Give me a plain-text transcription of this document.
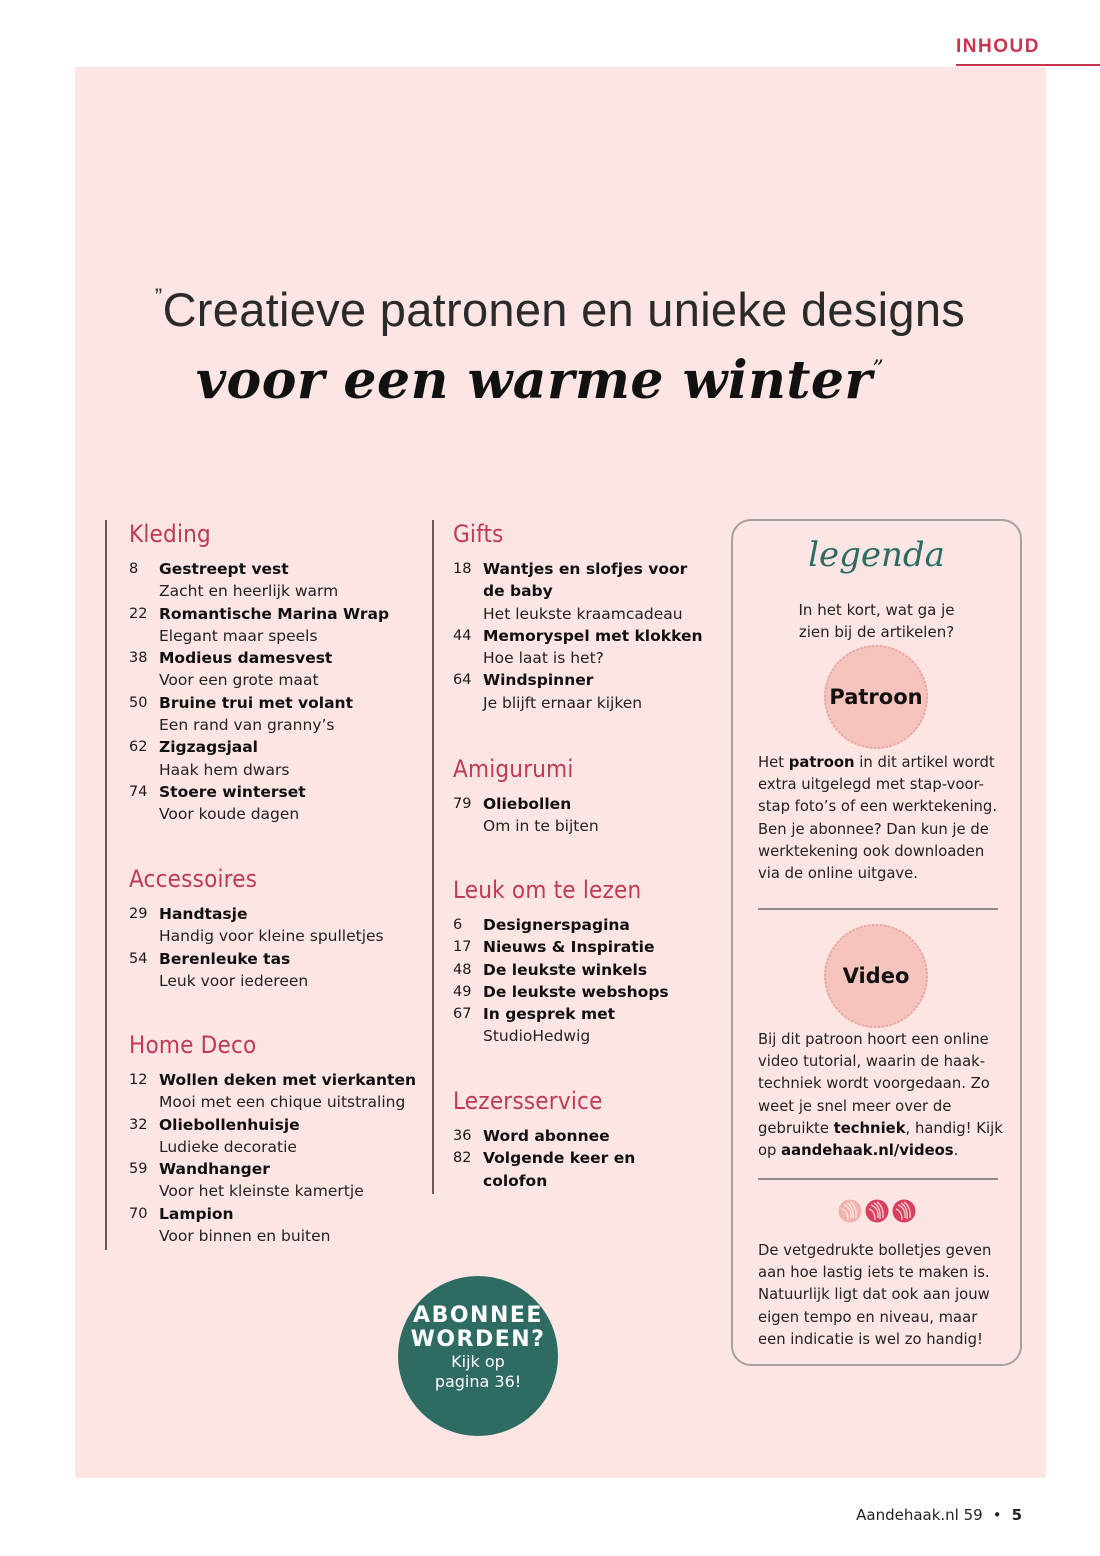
INHOUD
”Creatieve patronen en unieke designs
voor een warme winter”
Kleding
8	Gestreept vest
Zacht en heerlijk warm
22 Romantische Marina Wrap
Elegant maar speels
38 Modieus damesvest
Voor een grote maat
50 Bruine trui met volant
Een rand van granny’s
62 Zigzagsjaal
Haak hem dwars
74 Stoere winterset
Voor koude dagen
Accessoires
29 Handtasje
Handig voor kleine spulletjes
54 Berenleuke tas
Leuk voor iedereen
Home Deco
12 Wollen deken met vierkanten
Mooi met een chique uitstraling
32 Oliebollenhuisje
Ludieke decoratie
59 Wandhanger
Voor het kleinste kamertje
70 Lampion
Voor binnen en buiten
Gifts
18 Wantjes en slofjes voor de baby
Het leukste kraamcadeau
44 Memoryspel met klokken
Hoe laat is het?
64 Windspinner
Je blijft ernaar kijken
Amigurumi
79 Oliebollen
Om in te bijten
Leuk om te lezen
6	Designerspagina
17 Nieuws & Inspiratie
48 De leukste winkels
49 De leukste webshops
67 In gesprek met
StudioHedwig
Lezersservice
36 Word abonnee
82 Volgende keer en colofon
legenda
In het kort, wat ga je zien bij de artikelen?
Patroon
Het patroon in dit artikel wordt extra uitgelegd met stap-voor-stap foto’s of een werktekening. Ben je abonnee? Dan kun je de werktekening ook downloaden via de online uitgave.
Video
Bij dit patroon hoort een online video tutorial, waarin de haak-techniek wordt voorgedaan. Zo weet je snel meer over de gebruikte techniek, handig! Kijk op aandehaak.nl/videos.
De vetgedrukte bolletjes geven aan hoe lastig iets te maken is. Natuurlijk ligt dat ook aan jouw eigen tempo en niveau, maar een indicatie is wel zo handig!
ABONNEE
WORDEN?
Kijk op
pagina 36!
Aandehaak.nl 59 • 5
